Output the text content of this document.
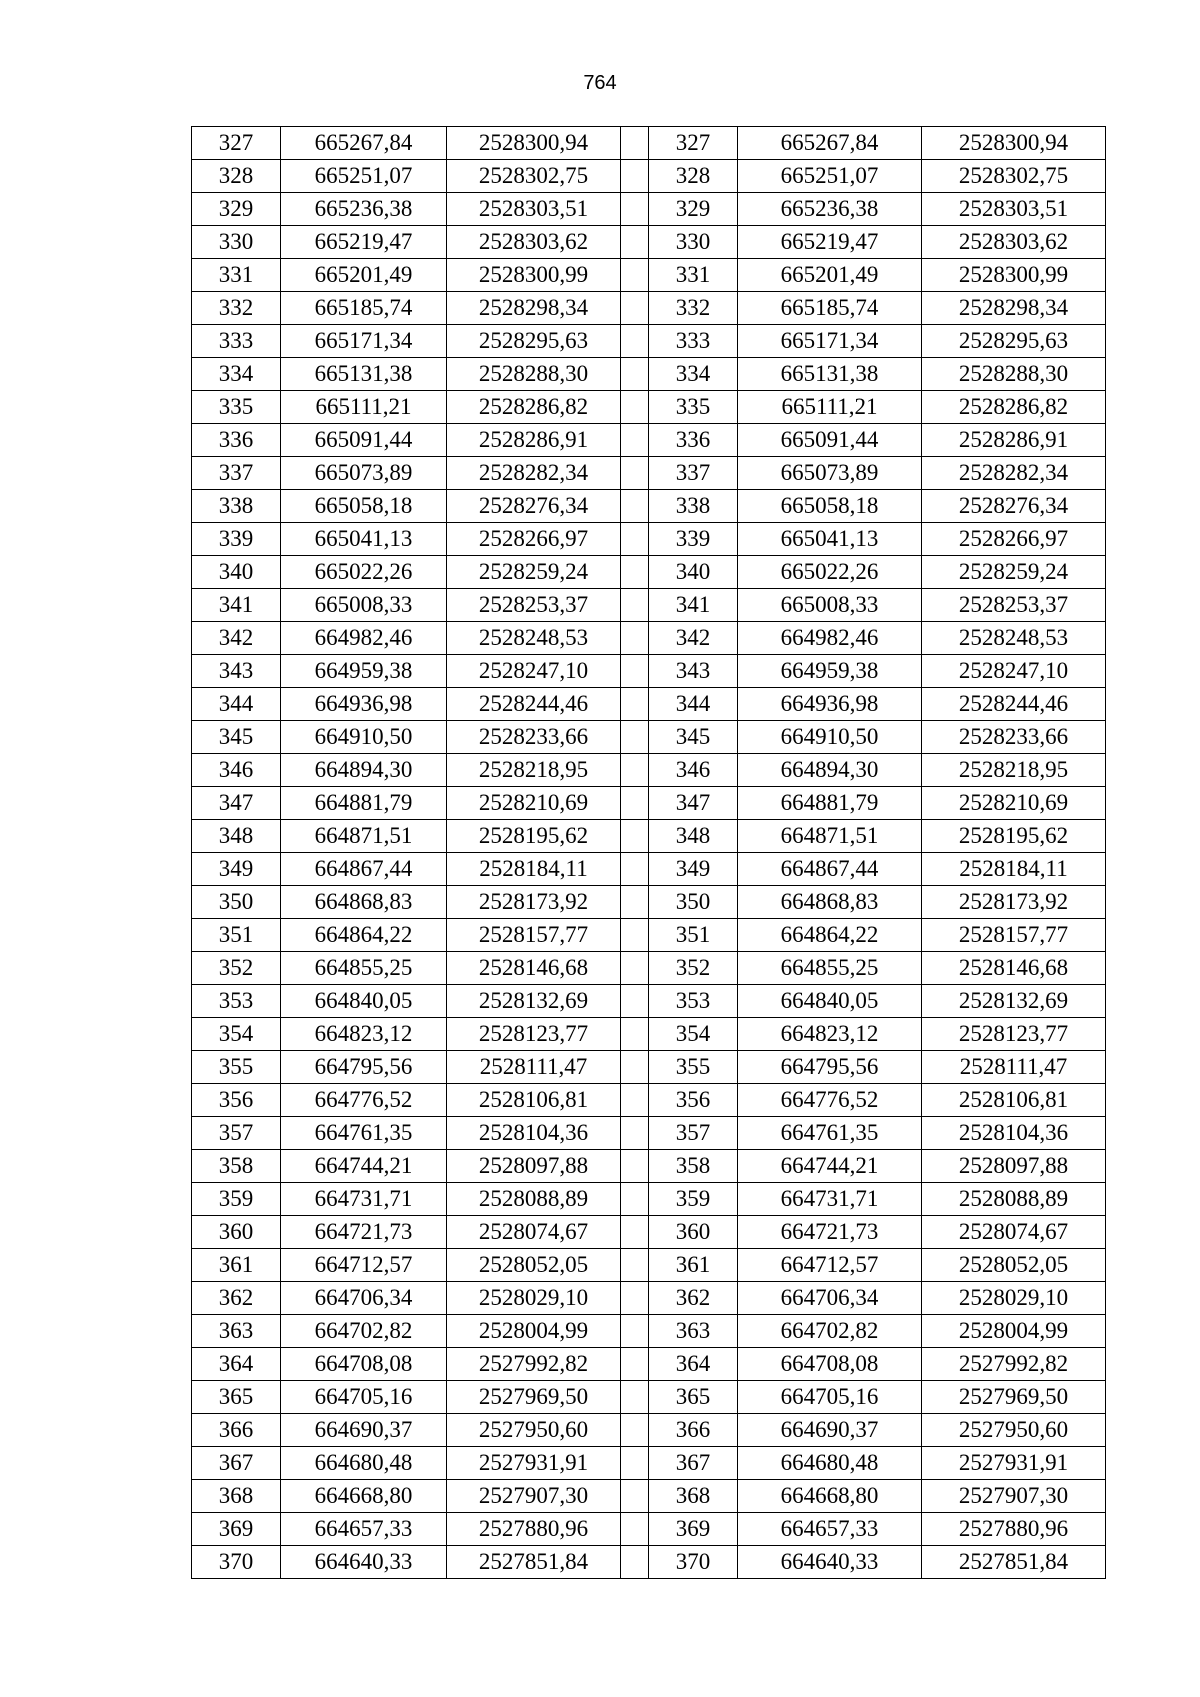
764
327	665267,84	2528300,94		327	665267,84	2528300,94
328	665251,07	2528302,75		328	665251,07	2528302,75
329	665236,38	2528303,51		329	665236,38	2528303,51
330	665219,47	2528303,62		330	665219,47	2528303,62
331	665201,49	2528300,99		331	665201,49	2528300,99
332	665185,74	2528298,34		332	665185,74	2528298,34
333	665171,34	2528295,63		333	665171,34	2528295,63
334	665131,38	2528288,30		334	665131,38	2528288,30
335	665111,21	2528286,82		335	665111,21	2528286,82
336	665091,44	2528286,91		336	665091,44	2528286,91
337	665073,89	2528282,34		337	665073,89	2528282,34
338	665058,18	2528276,34		338	665058,18	2528276,34
339	665041,13	2528266,97		339	665041,13	2528266,97
340	665022,26	2528259,24		340	665022,26	2528259,24
341	665008,33	2528253,37		341	665008,33	2528253,37
342	664982,46	2528248,53		342	664982,46	2528248,53
343	664959,38	2528247,10		343	664959,38	2528247,10
344	664936,98	2528244,46		344	664936,98	2528244,46
345	664910,50	2528233,66		345	664910,50	2528233,66
346	664894,30	2528218,95		346	664894,30	2528218,95
347	664881,79	2528210,69		347	664881,79	2528210,69
348	664871,51	2528195,62		348	664871,51	2528195,62
349	664867,44	2528184,11		349	664867,44	2528184,11
350	664868,83	2528173,92		350	664868,83	2528173,92
351	664864,22	2528157,77		351	664864,22	2528157,77
352	664855,25	2528146,68		352	664855,25	2528146,68
353	664840,05	2528132,69		353	664840,05	2528132,69
354	664823,12	2528123,77		354	664823,12	2528123,77
355	664795,56	2528111,47		355	664795,56	2528111,47
356	664776,52	2528106,81		356	664776,52	2528106,81
357	664761,35	2528104,36		357	664761,35	2528104,36
358	664744,21	2528097,88		358	664744,21	2528097,88
359	664731,71	2528088,89		359	664731,71	2528088,89
360	664721,73	2528074,67		360	664721,73	2528074,67
361	664712,57	2528052,05		361	664712,57	2528052,05
362	664706,34	2528029,10		362	664706,34	2528029,10
363	664702,82	2528004,99		363	664702,82	2528004,99
364	664708,08	2527992,82		364	664708,08	2527992,82
365	664705,16	2527969,50		365	664705,16	2527969,50
366	664690,37	2527950,60		366	664690,37	2527950,60
367	664680,48	2527931,91		367	664680,48	2527931,91
368	664668,80	2527907,30		368	664668,80	2527907,30
369	664657,33	2527880,96		369	664657,33	2527880,96
370	664640,33	2527851,84		370	664640,33	2527851,84
